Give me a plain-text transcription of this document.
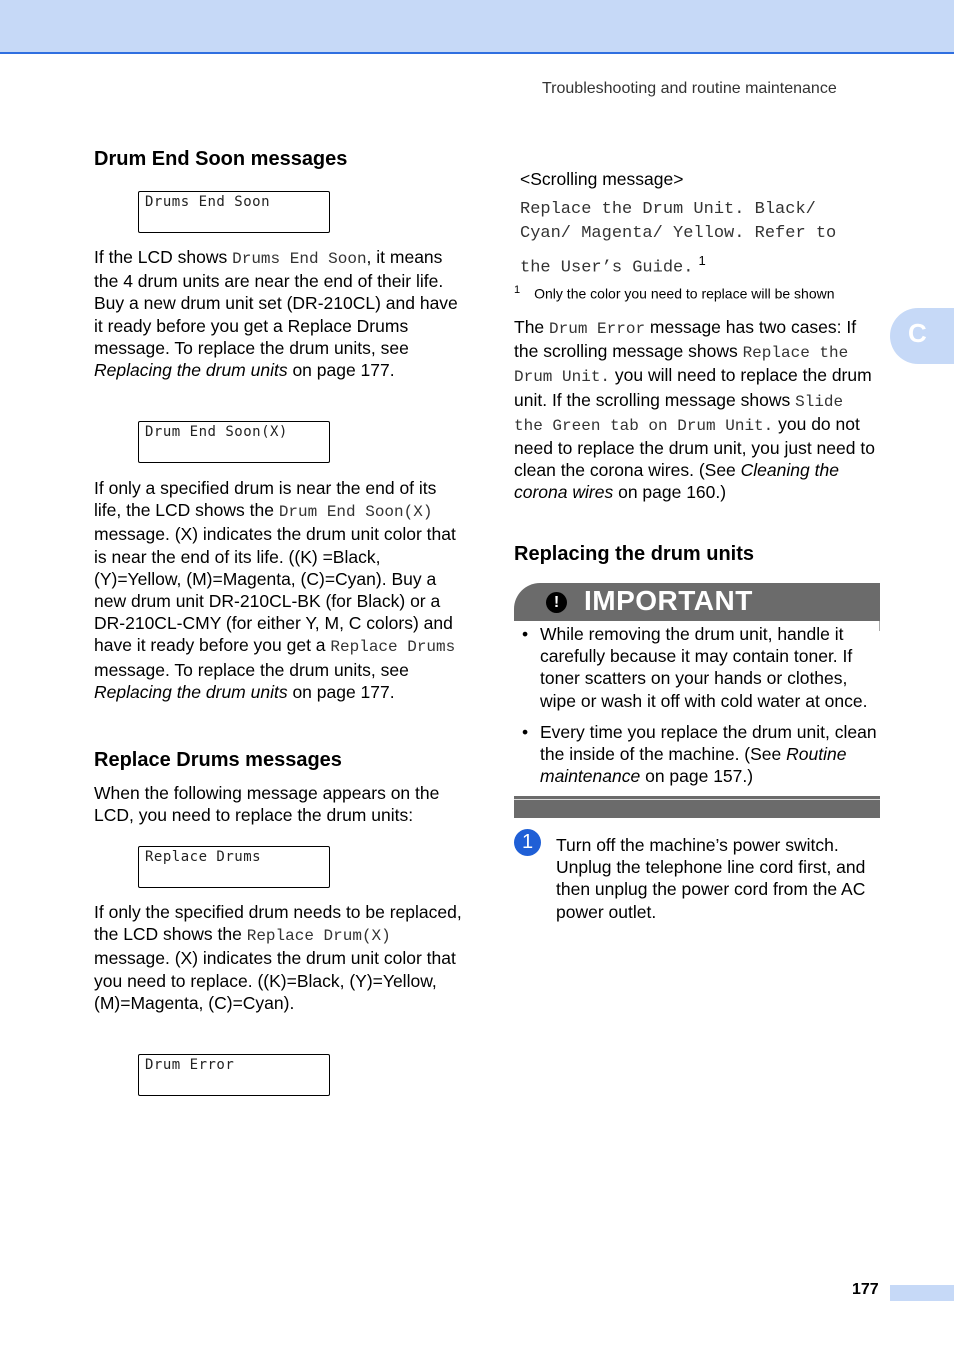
Troubleshooting and routine maintenance
C
Drum End Soon messages
Drums End Soon
If the LCD shows Drums End Soon, it means the 4 drum units are near the end of their life. Buy a new drum unit set (DR-210CL) and have it ready before you get a Replace Drums message. To replace the drum units, see Replacing the drum units on page 177.
Drum End Soon(X)
If only a specified drum is near the end of its life, the LCD shows the Drum End Soon(X) message. (X) indicates the drum unit color that is near the end of its life. ((K) =Black, (Y)=Yellow, (M)=Magenta, (C)=Cyan). Buy a new drum unit DR-210CL-BK (for Black) or a DR-210CL-CMY (for either Y, M, C colors) and have it ready before you get a Replace Drums message. To replace the drum units, see Replacing the drum units on page 177.
Replace Drums messages
When the following message appears on the LCD, you need to replace the drum units:
Replace Drums
If only the specified drum needs to be replaced, the LCD shows the Replace Drum(X) message. (X) indicates the drum unit color that you need to replace. ((K)=Black, (Y)=Yellow, (M)=Magenta, (C)=Cyan).
Drum Error
<Scrolling message>
Replace the Drum Unit. Black/
Cyan/ Magenta/ Yellow. Refer to
the User’s Guide. $^1$
$^1$ Only the color you need to replace will be shown
The Drum Error message has two cases: If the scrolling message shows Replace the Drum Unit. you will need to replace the drum unit. If the scrolling message shows Slide the Green tab on Drum Unit. you do not need to replace the drum unit, you just need to clean the corona wires. (See Cleaning the corona wires on page 160.)
Replacing the drum units
! IMPORTANT
• While removing the drum unit, handle it carefully because it may contain toner. If toner scatters on your hands or clothes, wipe or wash it off with cold water at once.
• Every time you replace the drum unit, clean the inside of the machine. (See Routine maintenance on page 157.)
1	Turn off the machine’s power switch. Unplug the telephone line cord first, and then unplug the power cord from the AC power outlet.
177
